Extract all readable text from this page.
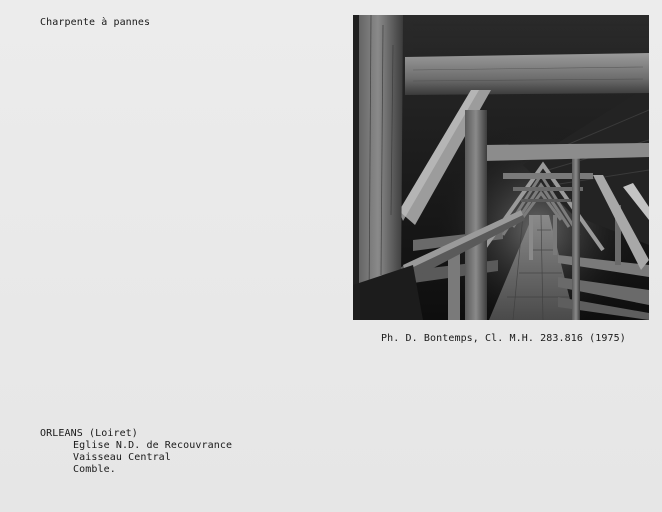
Charpente à pannes
Ph. D. Bontemps, Cl. M.H. 283.816 (1975)
ORLEANS (Loiret)
Eglise N.D. de Recouvrance
Vaisseau Central
Comble.
